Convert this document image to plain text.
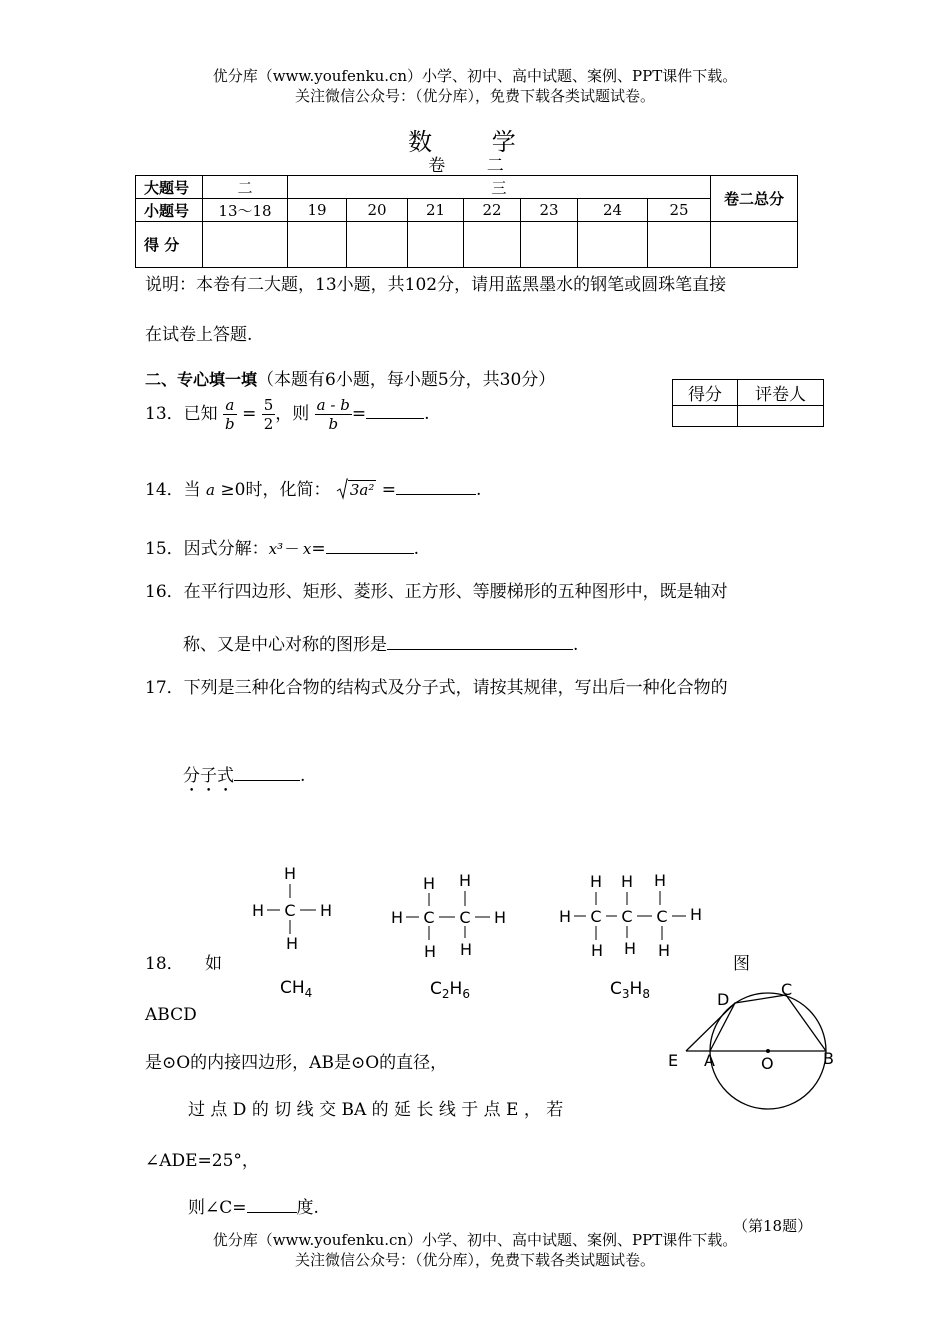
优分库（www.youfenku.cn）小学、初中、高中试题、案例、PPT课件下载。
关注微信公众号：（优分库），免费下载各类试题试卷。
数 学
卷 二
大题号	二	三							卷二总分
小题号	13～18	19	20	21	22	23	24	25	
得 分									
说明：本卷有二大题，13小题，共102分，请用蓝黑墨水的钢笔或圆珠笔直接
在试卷上答题.
二、专心填一填（本题有6小题，每小题5分，共30分）
得分	评卷人

13．已知 $\frac{a}{b} = \frac{5}{2}$ ，则 $\frac{a - b}{b}$ =	.
14．当 a ≥0时，化简： 3a² =	.
15．因式分解：x³－ x=	.
16．在平行四边形、矩形、菱形、正方形、等腰梯形的五种图形中，既是轴对
称、又是中心对称的图形是	.
17．下列是三种化合物的结构式及分子式，请按其规律，写出后一种化合物的
分子式	.
H
H C H
H
H H
H C C H
H H
H H H
H C C C H
H H H
$CH_4$	$C_2H_6$	$C_3H_8$
18． 如	图
ABCD
是⊙O的内接四边形，AB是⊙O的直径，
过 点 D 的 切 线 交 BA 的 延 长 线 于 点 E ， 若
∠ADE=25°，
则∠C=	度.
（第18题）
E A	O	B
D
C
优分库（www.youfenku.cn）小学、初中、高中试题、案例、PPT课件下载。
关注微信公众号：（优分库），免费下载各类试题试卷。
